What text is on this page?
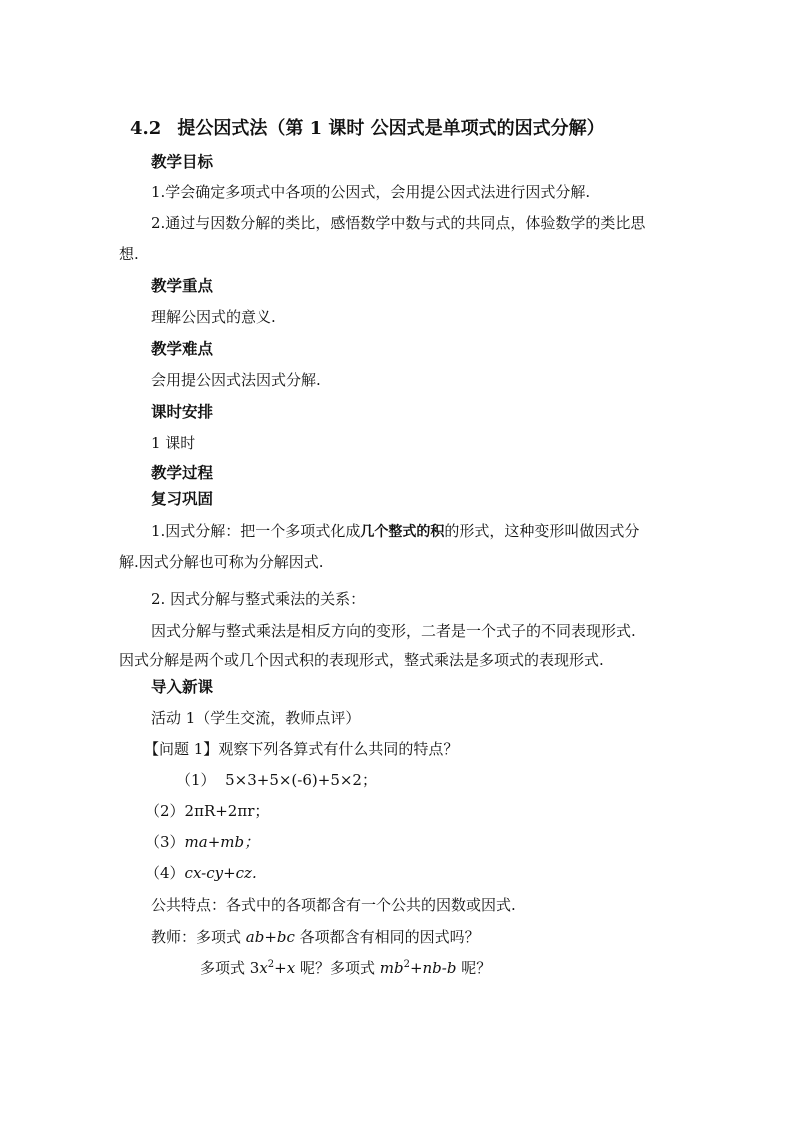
4.2 提公因式法（第 1 课时 公因式是单项式的因式分解）
教学目标
1.学会确定多项式中各项的公因式，会用提公因式法进行因式分解.
2.通过与因数分解的类比，感悟数学中数与式的共同点，体验数学的类比思
想.
教学重点
理解公因式的意义.
教学难点
会用提公因式法因式分解.
课时安排
1 课时
教学过程
复习巩固
1.因式分解：把一个多项式化成几个整式的积的形式，这种变形叫做因式分
解.因式分解也可称为分解因式.
2. 因式分解与整式乘法的关系：
因式分解与整式乘法是相反方向的变形，二者是一个式子的不同表现形式.
因式分解是两个或几个因式积的表现形式，整式乘法是多项式的表现形式.
导入新课
活动 1（学生交流，教师点评）
【问题 1】观察下列各算式有什么共同的特点？
（1） 5×3+5×(-6)+5×2；
（2）2πR+2πr；
（3）ma+mb；
（4）cx-cy+cz.
公共特点：各式中的各项都含有一个公共的因数或因式.
教师：多项式 ab+bc 各项都含有相同的因式吗？
多项式 $3x^2+x$ 呢？多项式 $mb^2+nb-b$ 呢？
